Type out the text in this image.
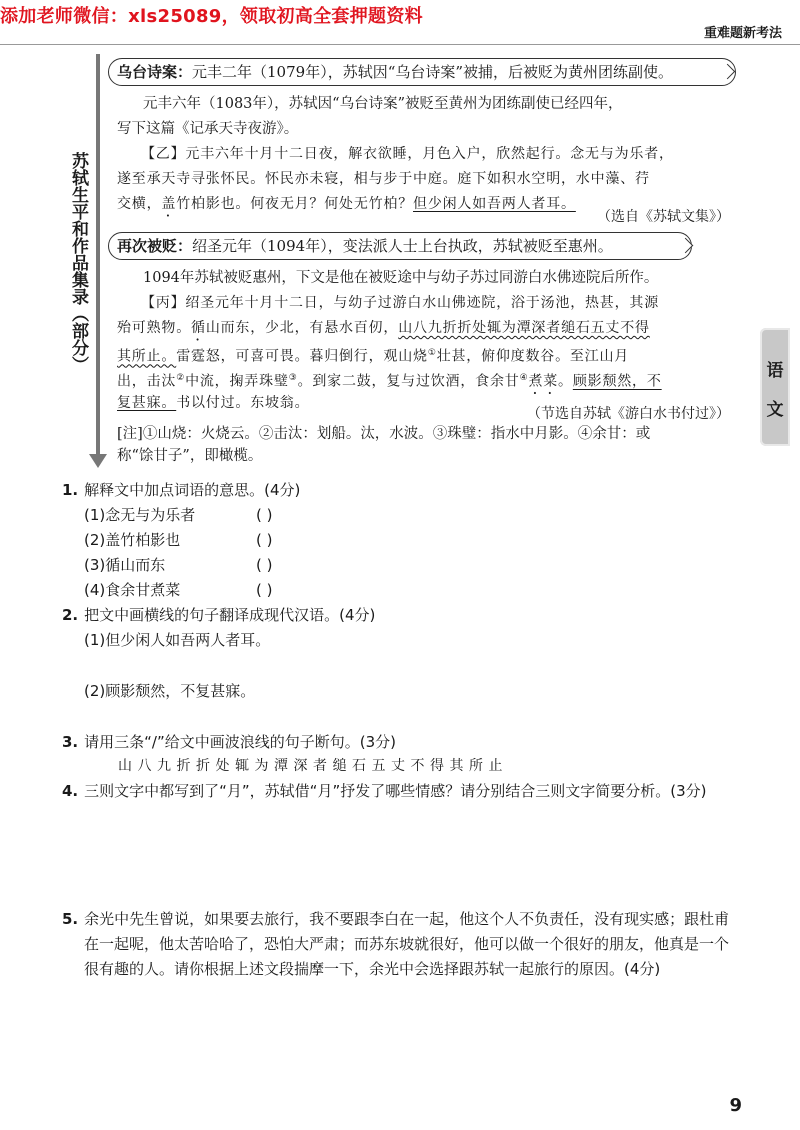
添加老师微信：xls25089，领取初高全套押题资料
重难题新考法
苏轼生平和作品集录（部分）	语
文
乌台诗案：元丰二年（1079年），苏轼因“乌台诗案”被捕，后被贬为黄州团练副使。
元丰六年（1083年），苏轼因“乌台诗案”被贬至黄州为团练副使已经四年，
写下这篇《记承天寺夜游》。
【乙】元丰六年十月十二日夜，解衣欲睡，月色入户，欣然起行。念无与为乐者，
遂至承天寺寻张怀民。怀民亦未寝，相与步于中庭。庭下如积水空明，水中藻、荇
交横，盖竹柏影也。何夜无月？何处无竹柏？但少闲人如吾两人者耳。
（选自《苏轼文集》）
再次被贬：绍圣元年（1094年），变法派人士上台执政，苏轼被贬至惠州。
1094年苏轼被贬惠州，下文是他在被贬途中与幼子苏过同游白水佛迹院后所作。
【丙】绍圣元年十月十二日，与幼子过游白水山佛迹院，浴于汤池，热甚，其源
殆可熟物。循山而东，少北，有悬水百仞，山八九折折处辄为潭深者缒石五丈不得
其所止。雷霆怒，可喜可畏。暮归倒行，观山烧①壮甚，俯仰度数谷。至江山月
出，击汰②中流，掬弄珠璧③。到家二鼓，复与过饮酒，食余甘④煮菜。顾影颓然，不
复甚寐。书以付过。东坡翁。
（节选自苏轼《游白水书付过》）
[注]①山烧：火烧云。②击汰：划船。汰，水波。③珠璧：指水中月影。④余甘：或
称“馀甘子”，即橄榄。
1. 解释文中加点词语的意思。(4分)
(1)念无与为乐者	( )
(2)盖竹柏影也	( )
(3)循山而东	( )
(4)食余甘煮菜	( )
2. 把文中画横线的句子翻译成现代汉语。(4分)
(1)但少闲人如吾两人者耳。
(2)顾影颓然，不复甚寐。
3. 请用三条“/”给文中画波浪线的句子断句。(3分)
山八九折折处辄为潭深者缒石五丈不得其所止
4. 三则文字中都写到了“月”，苏轼借“月”抒发了哪些情感？请分别结合三则文字简要分析。(3分)
5. 余光中先生曾说，如果要去旅行，我不要跟李白在一起，他这个人不负责任，没有现实感；跟杜甫
在一起呢，他太苦哈哈了，恐怕大严肃；而苏东坡就很好，他可以做一个很好的朋友，他真是一个
很有趣的人。请你根据上述文段揣摩一下，余光中会选择跟苏轼一起旅行的原因。(4分)
9
